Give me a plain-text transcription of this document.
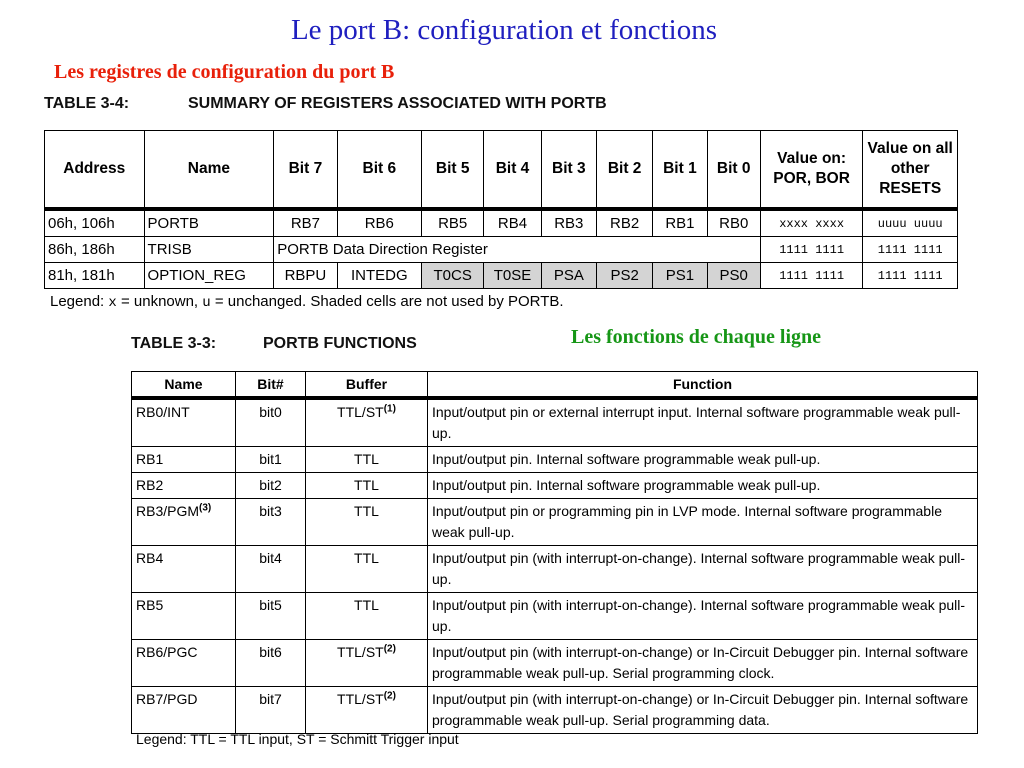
Le port B: configuration et fonctions
Les registres de configuration du port B
TABLE 3-4:	SUMMARY OF REGISTERS ASSOCIATED WITH PORTB
Address	Name	Bit 7	Bit 6	Bit 5	Bit 4	Bit 3	Bit 2	Bit 1	Bit 0	Value on: POR, BOR	Value on all other RESETS
06h, 106h	PORTB	RB7	RB6	RB5	RB4	RB3	RB2	RB1	RB0	xxxx xxxx	uuuu uuuu
86h, 186h	TRISB	PORTB Data Direction Register								1111 1111	1111 1111
81h, 181h	OPTION_REG	RBPU	INTEDG	T0CS	T0SE	PSA	PS2	PS1	PS0	1111 1111	1111 1111
Legend: x = unknown, u = unchanged. Shaded cells are not used by PORTB.
TABLE 3-3:	PORTB FUNCTIONS	Les fonctions de chaque ligne
Name	Bit#	Buffer	Function
RB0/INT	bit0	TTL/ST$^{(1)}$	Input/output pin or external interrupt input. Internal software programmable weak pull-up.
RB1	bit1	TTL	Input/output pin. Internal software programmable weak pull-up.
RB2	bit2	TTL	Input/output pin. Internal software programmable weak pull-up.
RB3/PGM$^{(3)}$	bit3	TTL	Input/output pin or programming pin in LVP mode. Internal software programmable weak pull-up.
RB4	bit4	TTL	Input/output pin (with interrupt-on-change). Internal software programmable weak pull-up.
RB5	bit5	TTL	Input/output pin (with interrupt-on-change). Internal software programmable weak pull-up.
RB6/PGC	bit6	TTL/ST$^{(2)}$	Input/output pin (with interrupt-on-change) or In-Circuit Debugger pin. Internal software programmable weak pull-up. Serial programming clock.
RB7/PGD	bit7	TTL/ST$^{(2)}$	Input/output pin (with interrupt-on-change) or In-Circuit Debugger pin. Internal software programmable weak pull-up. Serial programming data.
Legend: TTL = TTL input, ST = Schmitt Trigger input
